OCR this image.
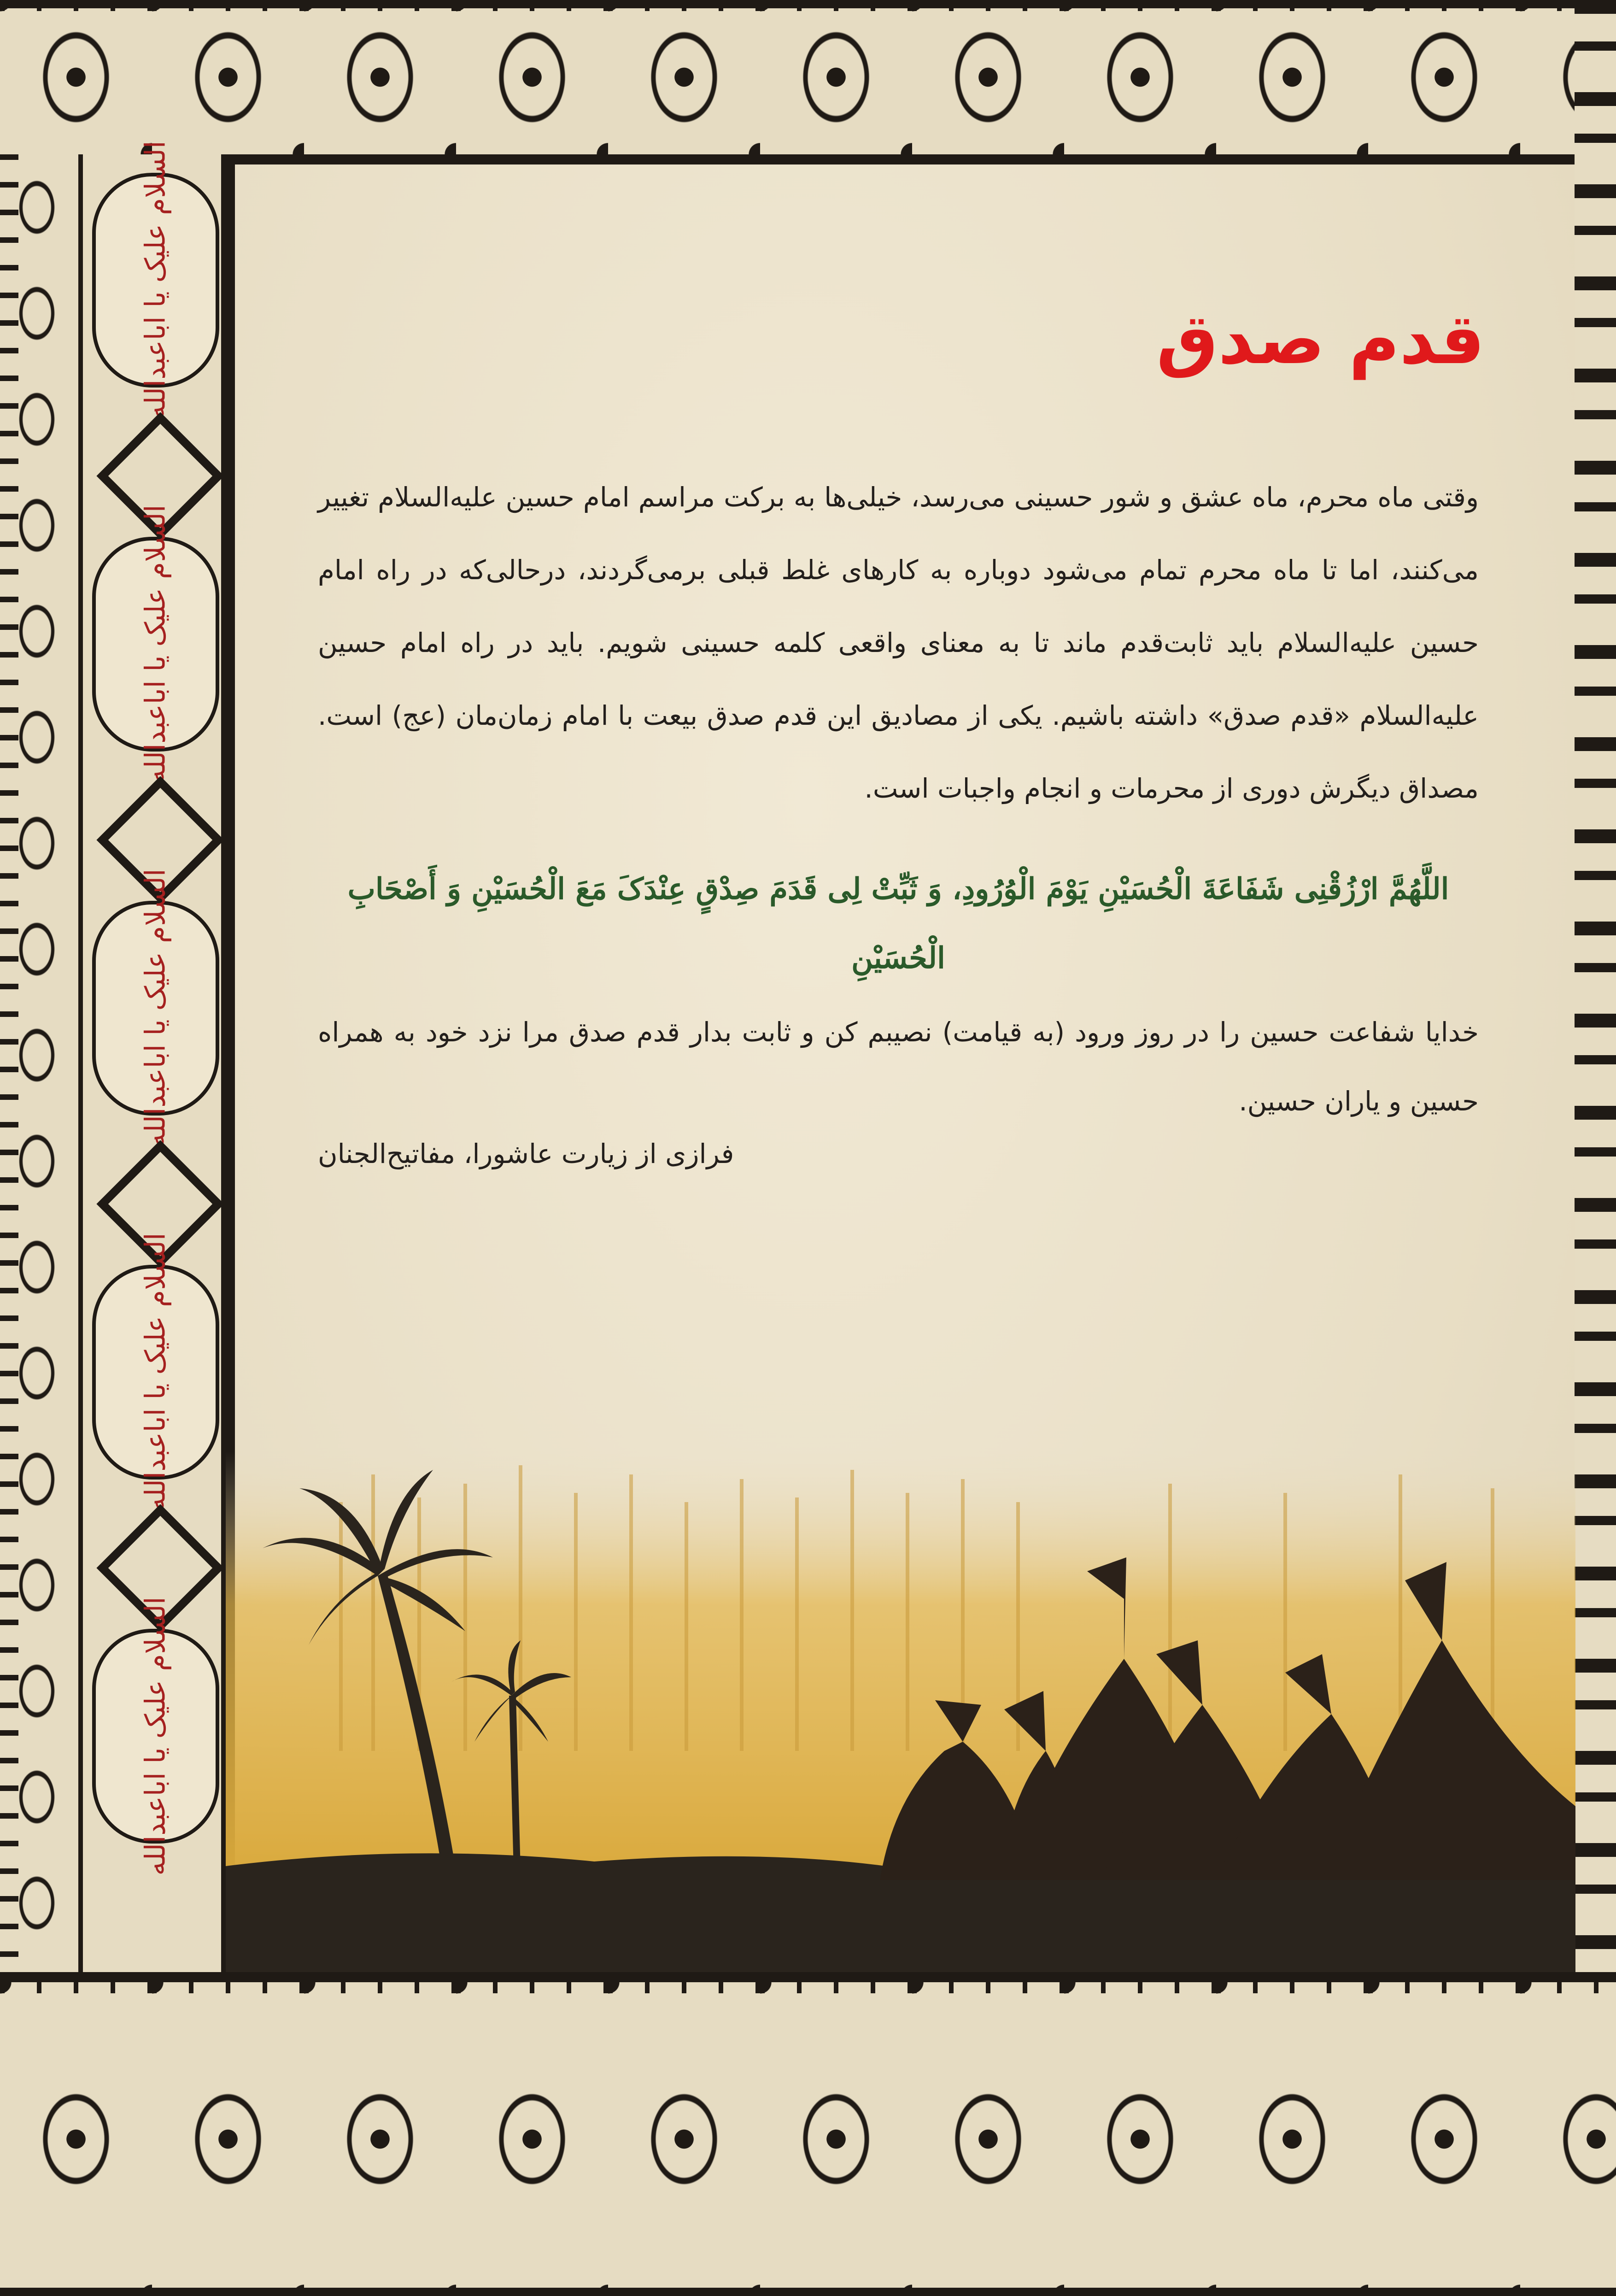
السلام علیک یا اباعبدالله
السلام علیک یا اباعبدالله
السلام علیک یا اباعبدالله
السلام علیک یا اباعبدالله
السلام علیک یا اباعبدالله
قدم صدق

وقتی ماه محرم، ماه عشق و شور حسینی می‌رسد، خیلی‌ها به برکت مراسم امام حسین علیه‌السلام تغییر می‌کنند، اما تا ماه محرم تمام می‌شود دوباره به کارهای غلط قبلی برمی‌گردند، درحالی‌که در راه امام حسین علیه‌السلام باید ثابت‌قدم ماند تا به معنای واقعی کلمه حسینی شویم. باید در راه امام حسین علیه‌السلام «قدم صدق» داشته باشیم. یکی از مصادیق این قدم صدق بیعت با امام زمان‌مان (عج) است. مصداق دیگرش دوری از محرمات و انجام واجبات است.

اللَّهُمَّ ارْزُقْنِی شَفَاعَةَ الْحُسَیْنِ یَوْمَ الْوُرُودِ، وَ ثَبِّتْ لِی قَدَمَ صِدْقٍ عِنْدَکَ مَعَ الْحُسَیْنِ وَ أَصْحَابِ الْحُسَیْنِ

خدایا شفاعت حسین را در روز ورود (به قیامت) نصیبم کن و ثابت بدار قدم صدق مرا نزد خود به همراه حسین و یاران حسین.

فرازی از زیارت عاشورا، مفاتیح‌الجنان
